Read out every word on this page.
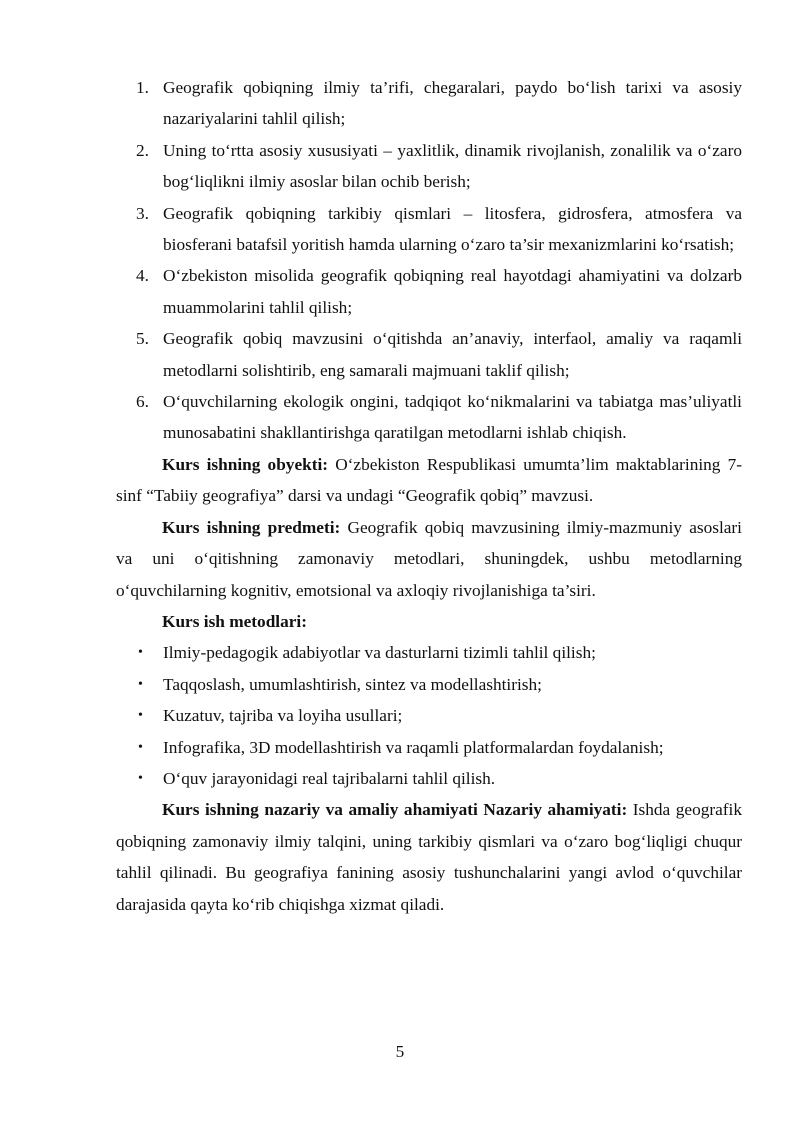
1. Geografik qobiqning ilmiy ta’rifi, chegaralari, paydo bo‘lish tarixi va asosiy nazariyalarini tahlil qilish;
2. Uning to‘rtta asosiy xususiyati – yaxlitlik, dinamik rivojlanish, zonalilik va o‘zaro bog‘liqlikni ilmiy asoslar bilan ochib berish;
3. Geografik qobiqning tarkibiy qismlari – litosfera, gidrosfera, atmosfera va biosferani batafsil yoritish hamda ularning o‘zaro ta’sir mexanizmlarini ko‘rsatish;
4. O‘zbekiston misolida geografik qobiqning real hayotdagi ahamiyatini va dolzarb muammolarini tahlil qilish;
5. Geografik qobiq mavzusini o‘qitishda an’anaviy, interfaol, amaliy va raqamli metodlarni solishtirib, eng samarali majmuani taklif qilish;
6. O‘quvchilarning ekologik ongini, tadqiqot ko‘nikmalarini va tabiatga mas’uliyatli munosabatini shakllantirishga qaratilgan metodlarni ishlab chiqish.

Kurs ishning obyekti: O‘zbekiston Respublikasi umumta’lim maktablarining 7-sinf “Tabiiy geografiya” darsi va undagi “Geografik qobiq” mavzusi.

Kurs ishning predmeti: Geografik qobiq mavzusining ilmiy-mazmuniy asoslari va uni o‘qitishning zamonaviy metodlari, shuningdek, ushbu metodlarning o‘quvchilarning kognitiv, emotsional va axloqiy rivojlanishiga ta’siri.

Kurs ish metodlari:

• Ilmiy-pedagogik adabiyotlar va dasturlarni tizimli tahlil qilish;
• Taqqoslash, umumlashtirish, sintez va modellashtirish;
• Kuzatuv, tajriba va loyiha usullari;
• Infografika, 3D modellashtirish va raqamli platformalardan foydalanish;
• O‘quv jarayonidagi real tajribalarni tahlil qilish.

Kurs ishning nazariy va amaliy ahamiyati Nazariy ahamiyati: Ishda geografik qobiqning zamonaviy ilmiy talqini, uning tarkibiy qismlari va o‘zaro bog‘liqligi chuqur tahlil qilinadi. Bu geografiya fanining asosiy tushunchalarini yangi avlod o‘quvchilar darajasida qayta ko‘rib chiqishga xizmat qiladi.

5
